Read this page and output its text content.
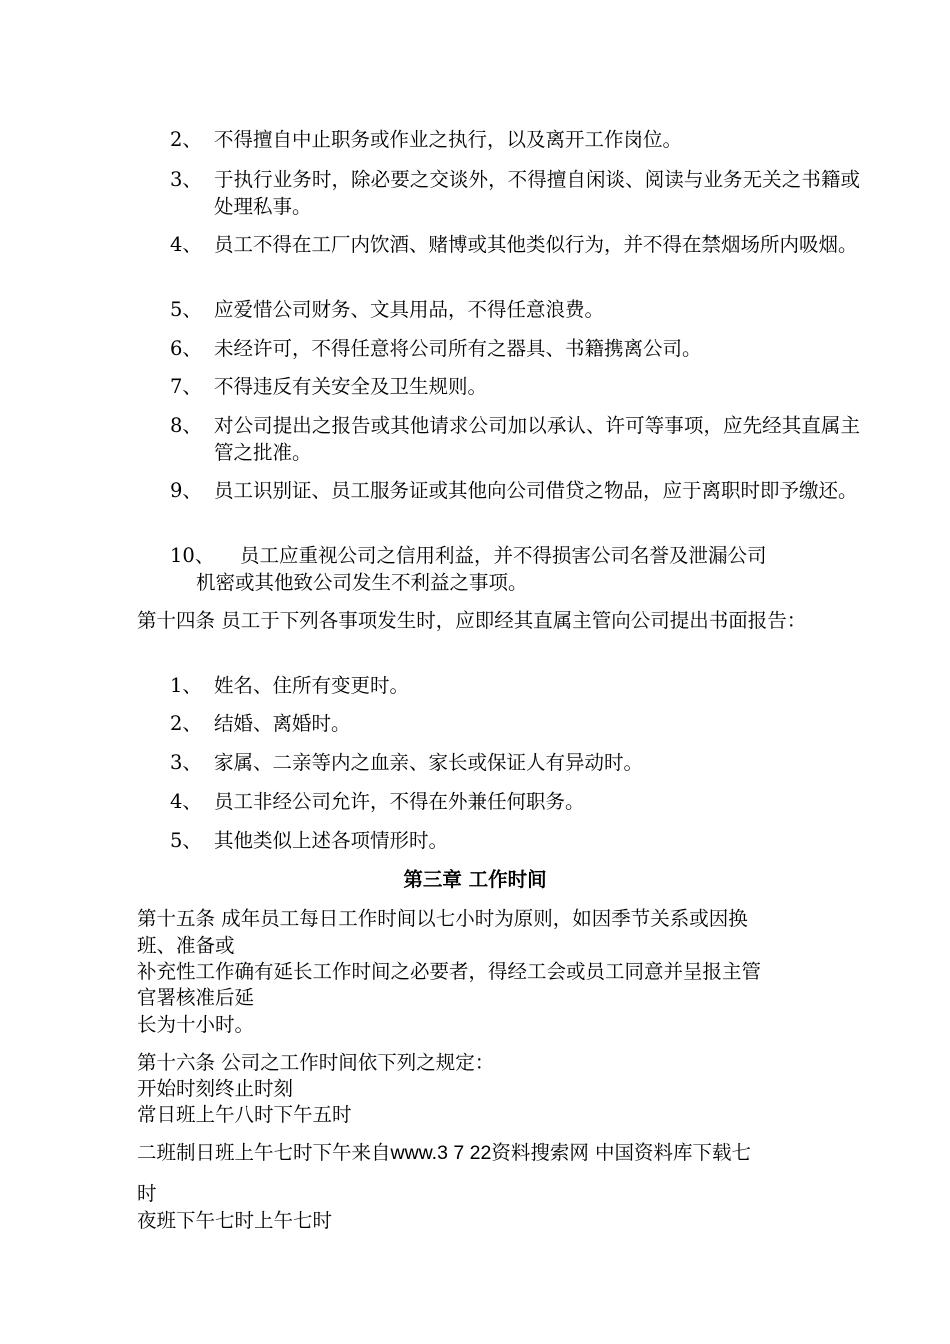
2、 不得擅自中止职务或作业之执行，以及离开工作岗位。
3、 于执行业务时，除必要之交谈外，不得擅自闲谈、阅读与业务无关之书籍或处理私事。
4、 员工不得在工厂内饮酒、赌博或其他类似行为，并不得在禁烟场所内吸烟。
5、 应爱惜公司财务、文具用品，不得任意浪费。
6、 未经许可，不得任意将公司所有之器具、书籍携离公司。
7、 不得违反有关安全及卫生规则。
8、 对公司提出之报告或其他请求公司加以承认、许可等事项，应先经其直属主管之批准。
9、 员工识别证、员工服务证或其他向公司借贷之物品，应于离职时即予缴还。
10、	员工应重视公司之信用利益，并不得损害公司名誉及泄漏公司
机密或其他致公司发生不利益之事项。
第十四条 员工于下列各事项发生时，应即经其直属主管向公司提出书面报告：
1、 姓名、住所有变更时。
2、 结婚、离婚时。
3、 家属、二亲等内之血亲、家长或保证人有异动时。
4、 员工非经公司允许，不得在外兼任何职务。
5、 其他类似上述各项情形时。
第三章 工作时间
第十五条 成年员工每日工作时间以七小时为原则，如因季节关系或因换
班、准备或
补充性工作确有延长工作时间之必要者，得经工会或员工同意并呈报主管
官署核准后延
长为十小时。
第十六条 公司之工作时间依下列之规定：
开始时刻终止时刻
常日班上午八时下午五时
二班制日班上午七时下午来自www.3 7 22资料搜索网 中国资料库下载七
时
夜班下午七时上午七时
